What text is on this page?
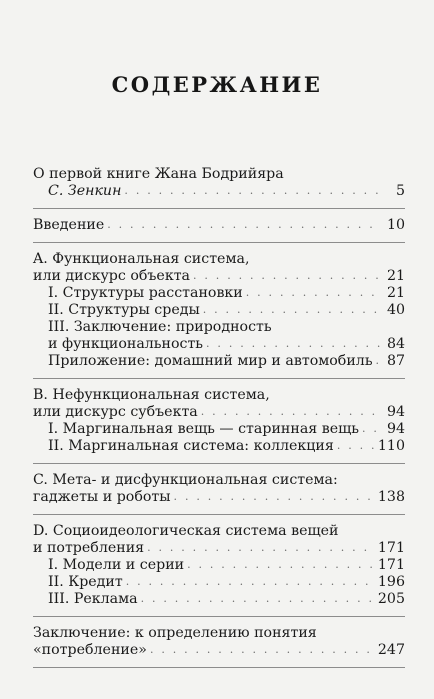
СОДЕРЖАНИЕ
О первой книге Жана Бодрийяра
С. Зенкин . . .	5
Введение . . .	10
A. Функциональная система,
или дискурс объекта . . .	21
I. Структуры расстановки . . .	21
II. Структуры среды . . .	40
III. Заключение: природность
и функциональность . . .	84
Приложение: домашний мир и автомобиль . . . 87
B. Нефункциональная система,
или дискурс субъекта . . .	94
I. Маргинальная вещь — старинная вещь . . . 94
II. Маргинальная система: коллекция . . .	110
C. Мета- и дисфункциональная система:
гаджеты и роботы . . .	138
D. Социоидеологическая система вещей
и потребления . . .	171
I. Модели и серии . . .	171
II. Кредит . . .	196
III. Реклама . . .	205
Заключение: к определению понятия
«потребление» . . .	247
